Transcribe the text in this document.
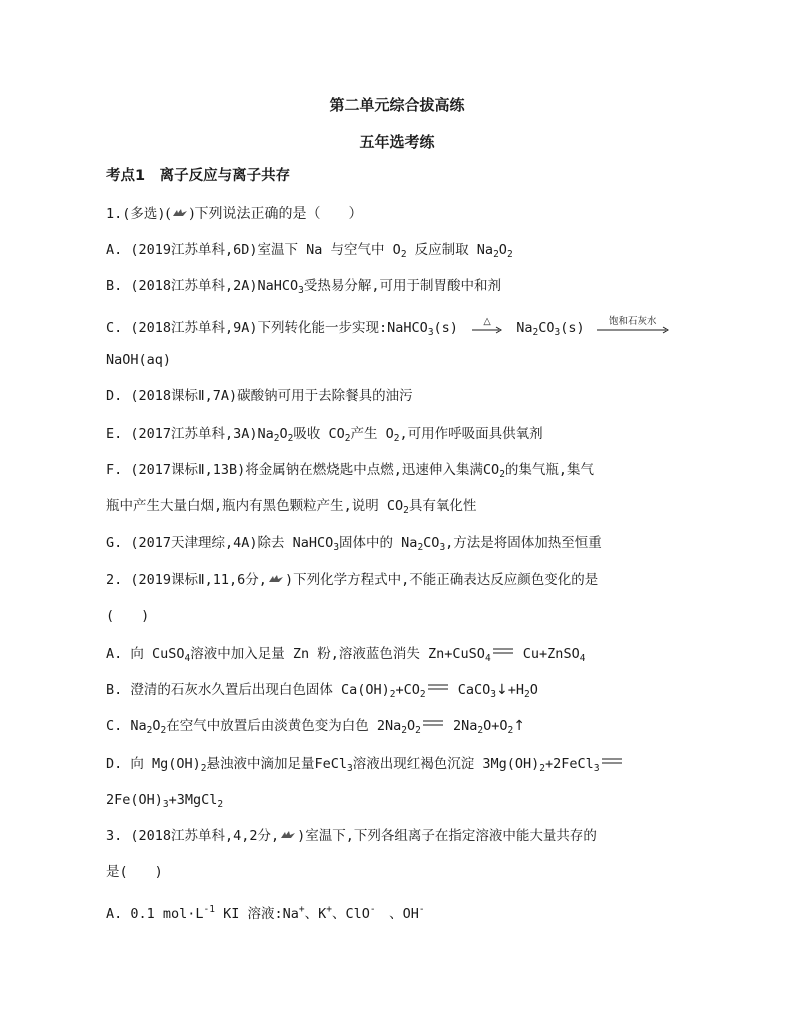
第二单元综合拔高练
五年选考练
考点1　离子反应与离子共存
1.(多选)( )下列说法正确的是（　　）
A. (2019江苏单科,6D)室温下 Na 与空气中 $O_2$ 反应制取 $Na_2O_2$
B. (2018江苏单科,2A)NaHCO$_3$受热易分解,可用于制胃酸中和剂
C. (2018江苏单科,9A)下列转化能一步实现:NaHCO$_3$(s)	△	$Na_2CO_3(s)$	饱和石灰水
NaOH(aq)
D. (2018课标Ⅱ,7A)碳酸钠可用于去除餐具的油污
E. (2017江苏单科$,3A)Na_2O_2$吸收 $CO_2$产生 $O_2$,可用作呼吸面具供氧剂
F. (2017课标Ⅱ,13B)将金属钠在燃烧匙中点燃,迅速伸入集满$CO_2$的集气瓶,集气
瓶中产生大量白烟,瓶内有黑色颗粒产生,说明 $CO_2$具有氧化性
G. (2017天津理综,4A)除去 NaHCO$_3$固体中的 $Na_2CO_3$,方法是将固体加热至恒重
2. (2019课标Ⅱ,11,6分, )下列化学方程式中,不能正确表达反应颜色变化的是
(　　)
A. 向 CuSO$_4$溶液中加入足量 Zn 粉,溶液蓝色消失 Zn+CuSO$_4$ Cu+ZnSO$_4$
B. 澄清的石灰水久置后出现白色固体 $Ca(OH)_2+CO_2$ $CaCO_3↓+H_2O$
C. $Na_2O_2$在空气中放置后由淡黄色变为白色 $2Na_2O_2$ $2Na_2O+O_2↑$
D. 向 $Mg(OH)_2$悬浊液中滴加足量FeCl$_3$溶液出现红褐色沉淀 $3Mg(OH)_2+2FeCl_3$
$2Fe(OH)_3+3MgCl_2$
3. (2018江苏单科,4,2分, )室温下,下列各组离子在指定溶液中能大量共存的
是(　　)
A. 0.1 $mol\cdot L^{-1}$ KI 溶液:Na+、K+、ClO-　、OH-
